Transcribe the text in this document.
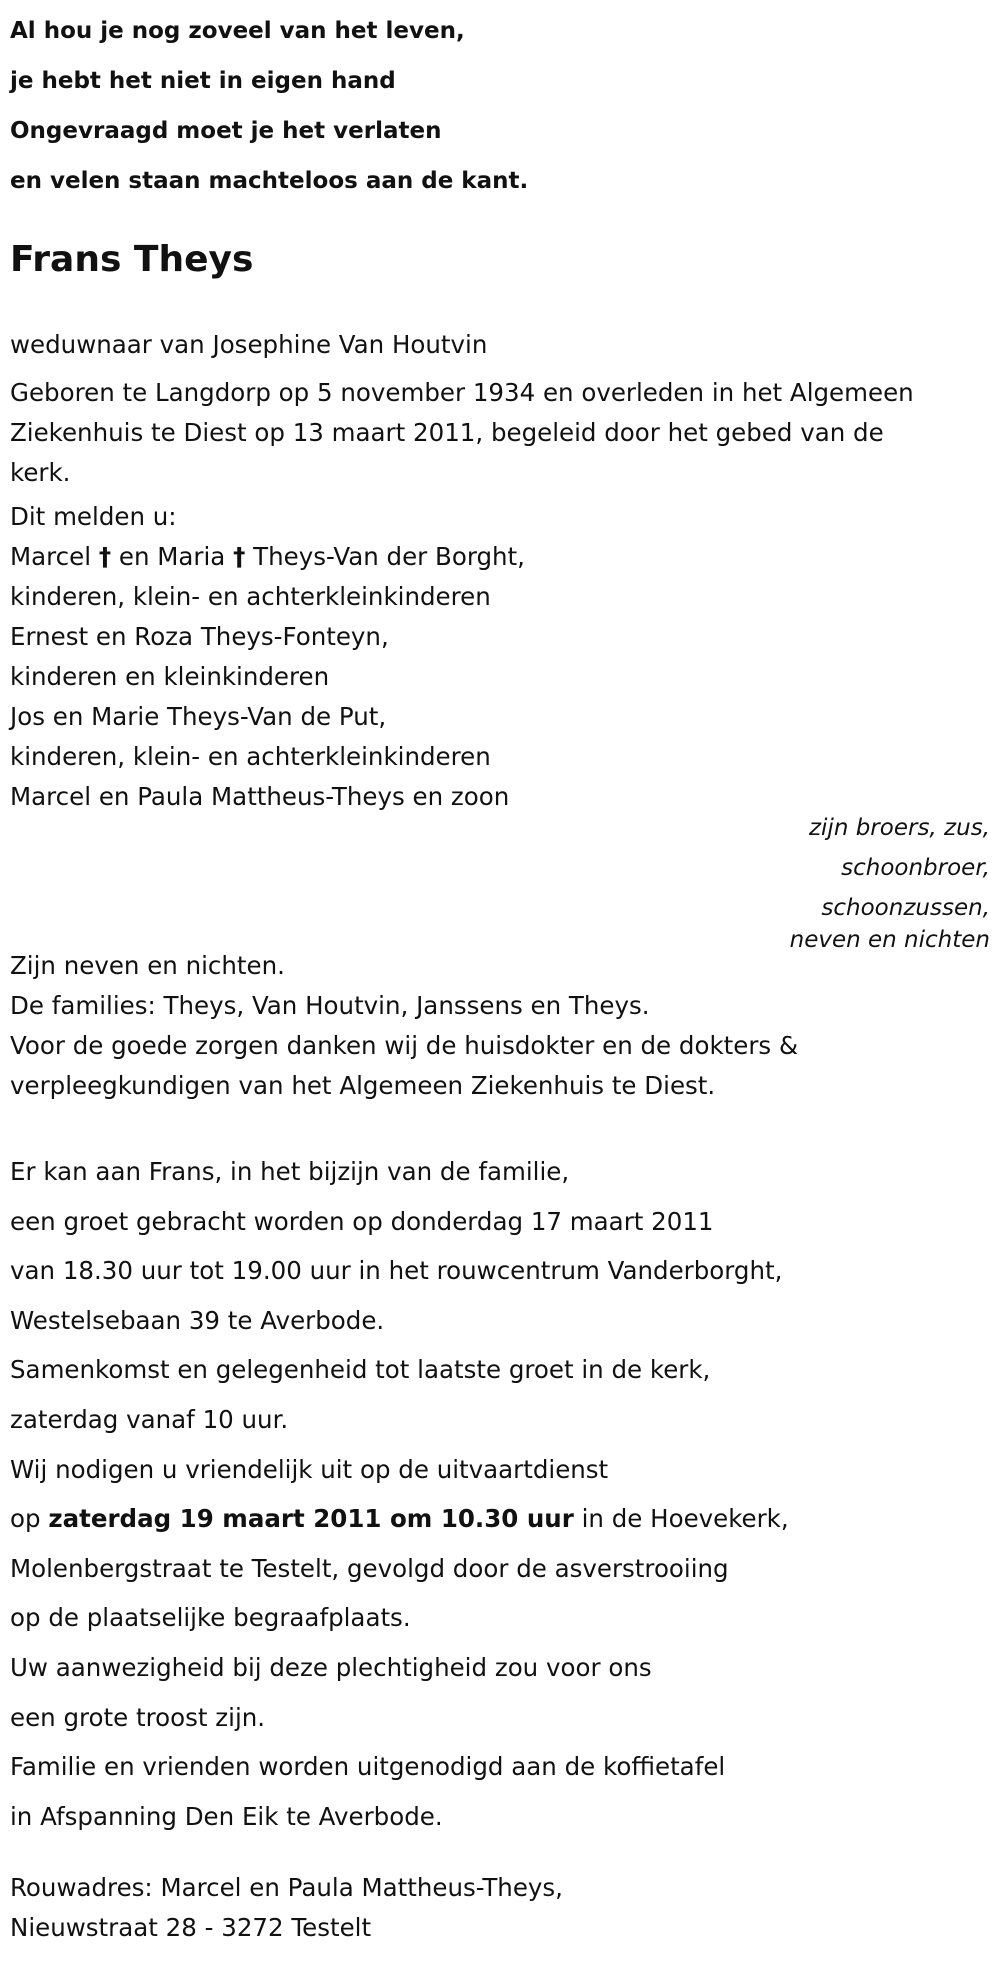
Al hou je nog zoveel van het leven,
je hebt het niet in eigen hand
Ongevraagd moet je het verlaten
en velen staan machteloos aan de kant.
Frans Theys
weduwnaar van Josephine Van Houtvin
Geboren te Langdorp op 5 november 1934 en overleden in het Algemeen
Ziekenhuis te Diest op 13 maart 2011, begeleid door het gebed van de
kerk.
Dit melden u:
Marcel † en Maria † Theys-Van der Borght,
kinderen, klein- en achterkleinkinderen
Ernest en Roza Theys-Fonteyn,
kinderen en kleinkinderen
Jos en Marie Theys-Van de Put,
kinderen, klein- en achterkleinkinderen
Marcel en Paula Mattheus-Theys en zoon
zijn broers, zus,
schoonbroer,
schoonzussen,
neven en nichten
Zijn neven en nichten.
De families: Theys, Van Houtvin, Janssens en Theys.
Voor de goede zorgen danken wij de huisdokter en de dokters &
verpleegkundigen van het Algemeen Ziekenhuis te Diest.
Er kan aan Frans, in het bijzijn van de familie,
een groet gebracht worden op donderdag 17 maart 2011
van 18.30 uur tot 19.00 uur in het rouwcentrum Vanderborght,
Westelsebaan 39 te Averbode.
Samenkomst en gelegenheid tot laatste groet in de kerk,
zaterdag vanaf 10 uur.
Wij nodigen u vriendelijk uit op de uitvaartdienst
op zaterdag 19 maart 2011 om 10.30 uur in de Hoevekerk,
Molenbergstraat te Testelt, gevolgd door de asverstrooiing
op de plaatselijke begraafplaats.
Uw aanwezigheid bij deze plechtigheid zou voor ons
een grote troost zijn.
Familie en vrienden worden uitgenodigd aan de koffietafel
in Afspanning Den Eik te Averbode.
Rouwadres: Marcel en Paula Mattheus-Theys,
Nieuwstraat 28 - 3272 Testelt
